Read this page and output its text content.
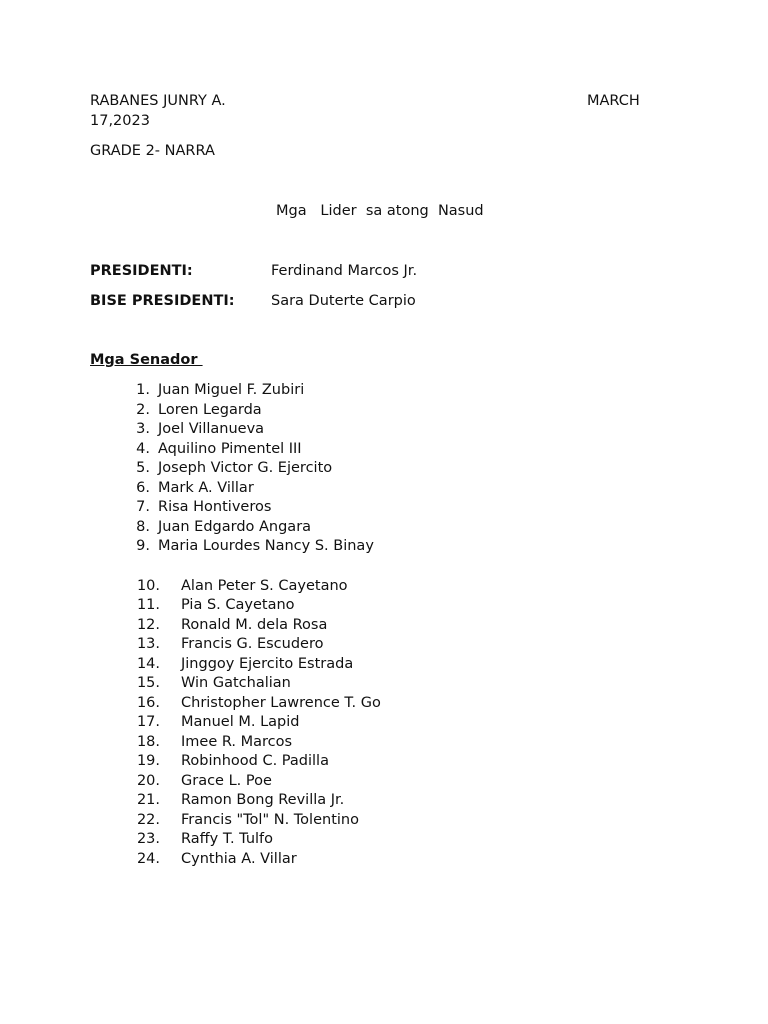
RABANES JUNRY A.	MARCH
17,2023
GRADE 2- NARRA
Mga   Lider  sa atong  Nasud
PRESIDENTI:	Ferdinand Marcos Jr.
BISE PRESIDENTI:	Sara Duterte Carpio
Mga Senador
1. Juan Miguel F. Zubiri
2. Loren Legarda
3. Joel Villanueva
4. Aquilino Pimentel III
5. Joseph Victor G. Ejercito
6. Mark A. Villar
7. Risa Hontiveros
8. Juan Edgardo Angara
9. Maria Lourdes Nancy S. Binay
10. Alan Peter S. Cayetano
11. Pia S. Cayetano
12. Ronald M. dela Rosa
13. Francis G. Escudero
14. Jinggoy Ejercito Estrada
15. Win Gatchalian
16. Christopher Lawrence T. Go
17. Manuel M. Lapid
18. Imee R. Marcos
19. Robinhood C. Padilla
20. Grace L. Poe
21. Ramon Bong Revilla Jr.
22. Francis "Tol" N. Tolentino
23. Raffy T. Tulfo
24. Cynthia A. Villar
